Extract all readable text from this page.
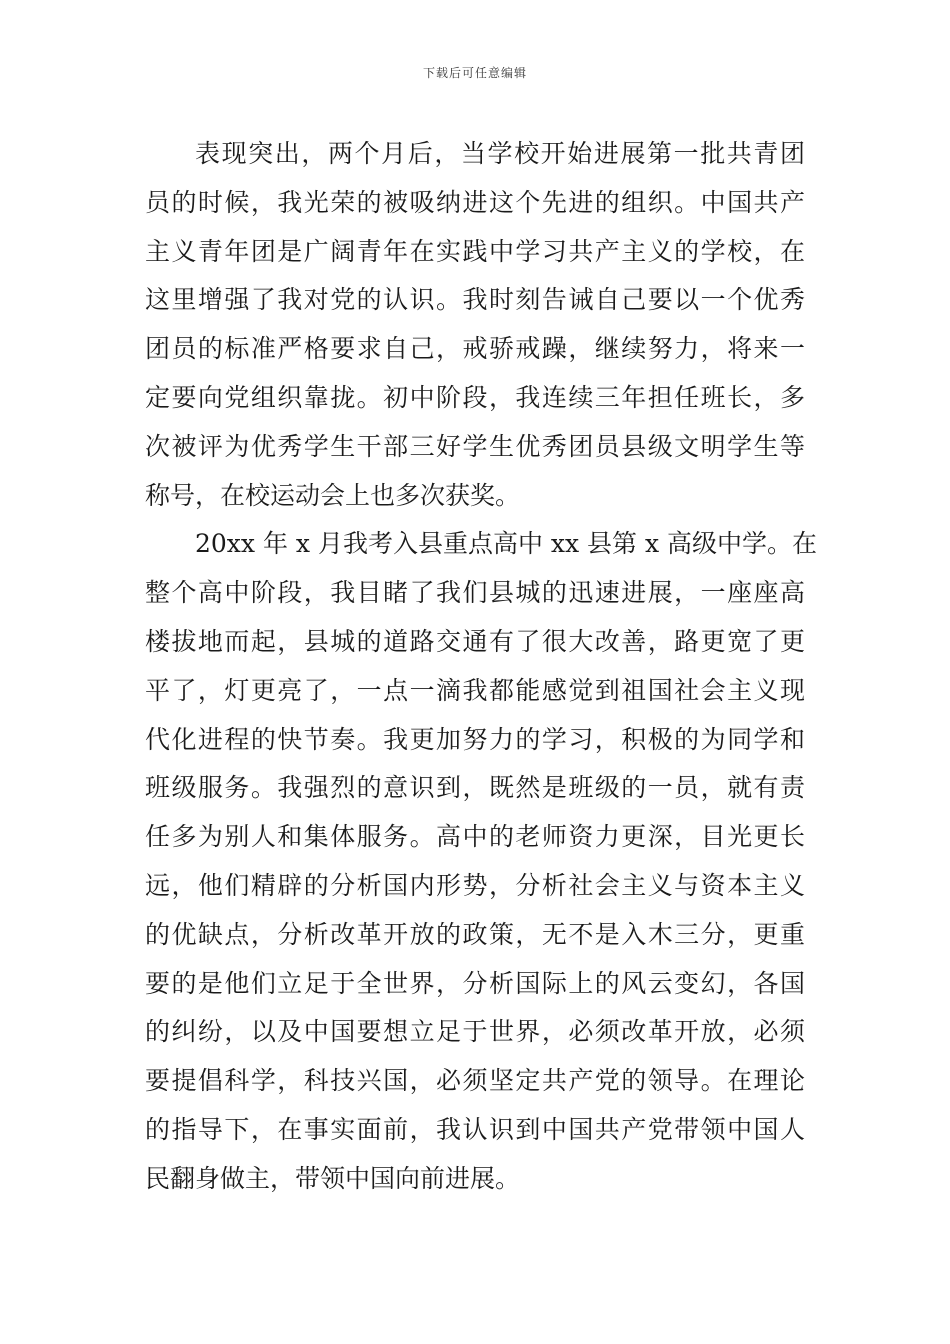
下载后可任意编辑
表现突出，两个月后，当学校开始进展第一批共青团
员的时候，我光荣的被吸纳进这个先进的组织。中国共产
主义青年团是广阔青年在实践中学习共产主义的学校，在
这里增强了我对党的认识。我时刻告诫自己要以一个优秀
团员的标准严格要求自己，戒骄戒躁，继续努力，将来一
定要向党组织靠拢。初中阶段，我连续三年担任班长，多
次被评为优秀学生干部三好学生优秀团员县级文明学生等
称号，在校运动会上也多次获奖。
20xx 年 x 月我考入县重点高中 xx 县第 x 高级中学。在
整个高中阶段，我目睹了我们县城的迅速进展，一座座高
楼拔地而起，县城的道路交通有了很大改善，路更宽了更
平了，灯更亮了，一点一滴我都能感觉到祖国社会主义现
代化进程的快节奏。我更加努力的学习，积极的为同学和
班级服务。我强烈的意识到，既然是班级的一员，就有责
任多为别人和集体服务。高中的老师资力更深，目光更长
远，他们精辟的分析国内形势，分析社会主义与资本主义
的优缺点，分析改革开放的政策，无不是入木三分，更重
要的是他们立足于全世界，分析国际上的风云变幻，各国
的纠纷，以及中国要想立足于世界，必须改革开放，必须
要提倡科学，科技兴国，必须坚定共产党的领导。在理论
的指导下，在事实面前，我认识到中国共产党带领中国人
民翻身做主，带领中国向前进展。
